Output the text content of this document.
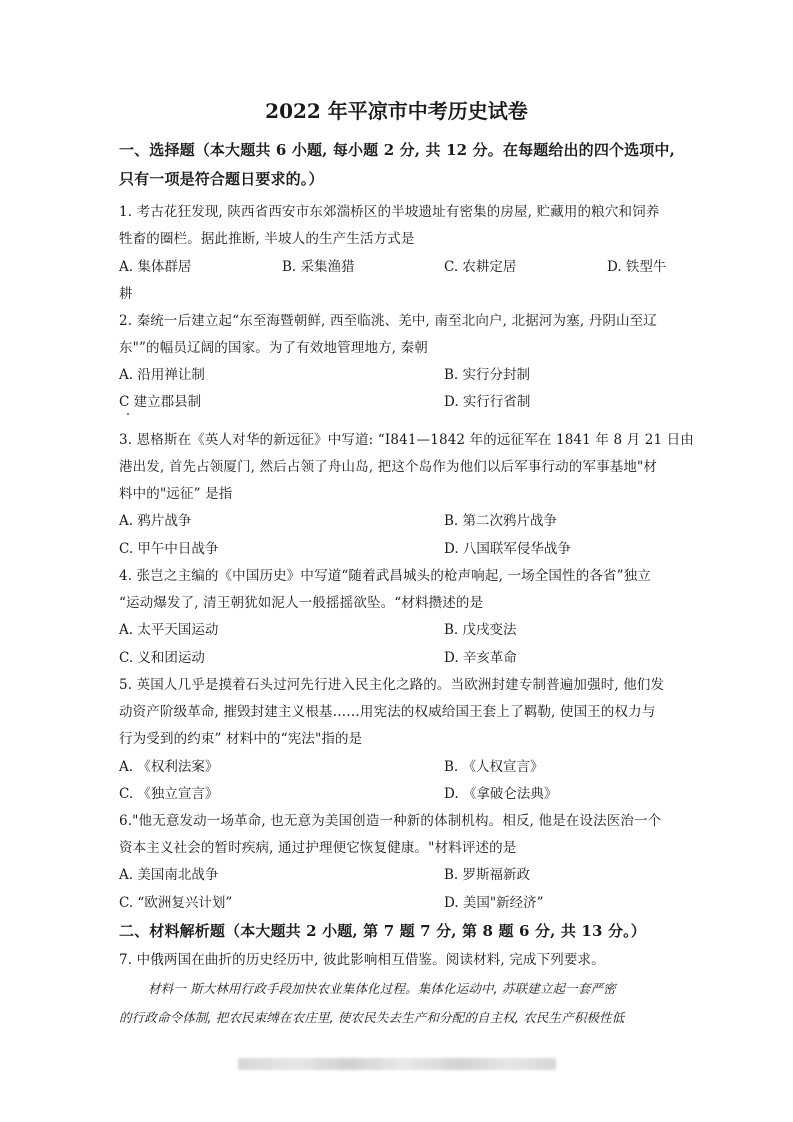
2022 年平凉市中考历史试卷
一、选择题（本大题共 6 小题, 每小题 2 分, 共 12 分。在每题给出的四个选项中,
只有一项是符合题日要求的。）
1. 考古花狂发现, 陕西省西安市东郊湍桥区的半坡遗址有密集的房屋, 贮藏用的粮穴和饲养
牲畜的圈栏。据此推断, 半坡人的生产生活方式是
A. 集体群居	B. 采集渔猎	C. 农耕定居	D. 铁型牛
耕
2. 秦统一后建立起“东至海暨朝鲜, 西至临洮、羌中, 南至北向户, 北据河为塞, 丹阴山至辽
东"”的幅员辽阔的国家。为了有效地管理地方, 秦朝
A. 沿用禅让制	B. 实行分封制
C 建立郡县制	D. 实行行省制
3. 恩格斯在《英人对华的新远征》中写道: “I841—1842 年的远征军在 1841 年 8 月 21 日由
港出发, 首先占领厦门, 然后占领了舟山岛, 把这个岛作为他们以后军事行动的军事基地"材
料中的"远征” 是指
A. 鸦片战争	B. 第二次鸦片战争
C. 甲午中日战争	D. 八国联军侵华战争
4. 张岂之主编的《中国历史》中写道“随着武昌城头的枪声响起, 一场全国性的各省”独立
“运动爆发了, 清王朝犹如泥人一般摇摇欲坠。“材料攒述的是
A. 太平天国运动	B. 戊戌变法
C. 义和团运动	D. 辛亥革命
5. 英国人几乎是摸着石头过河先行进入民主化之路的。当欧洲封建专制普遍加强时, 他们发
动资产阶级革命, 摧毁封建主义根基……用宪法的权威给国王套上了羁勒, 使国王的权力与
行为受到的约束” 材料中的“宪法"指的是
A. 《权利法案》	B. 《人权宣言》
C. 《独立宣言》	D. 《拿破仑法典》
6."他无意发动一场革命, 也无意为美国创造一种新的体制机构。相反, 他是在设法医治一个
资本主义社会的暂时疾病, 通过护理便它恢复健康。"材料评述的是
A. 美国南北战争	B. 罗斯福新政
C. “欧洲复兴计划”	D. 美国"新经济”
二、材料解析题（本大题共 2 小题, 第 7 题 7 分, 第 8 题 6 分, 共 13 分。）
7. 中俄两国在曲折的历史经历中, 彼此影响相互借鉴。阅读材料, 完成下列要求。
材料一 斯大林用行政手段加快农业集体化过程。集体化运动中, 苏联建立起一套严密
的行政命令体制, 把农民束缚在农庄里, 使农民失去生产和分配的自主权, 农民生产积极性低
